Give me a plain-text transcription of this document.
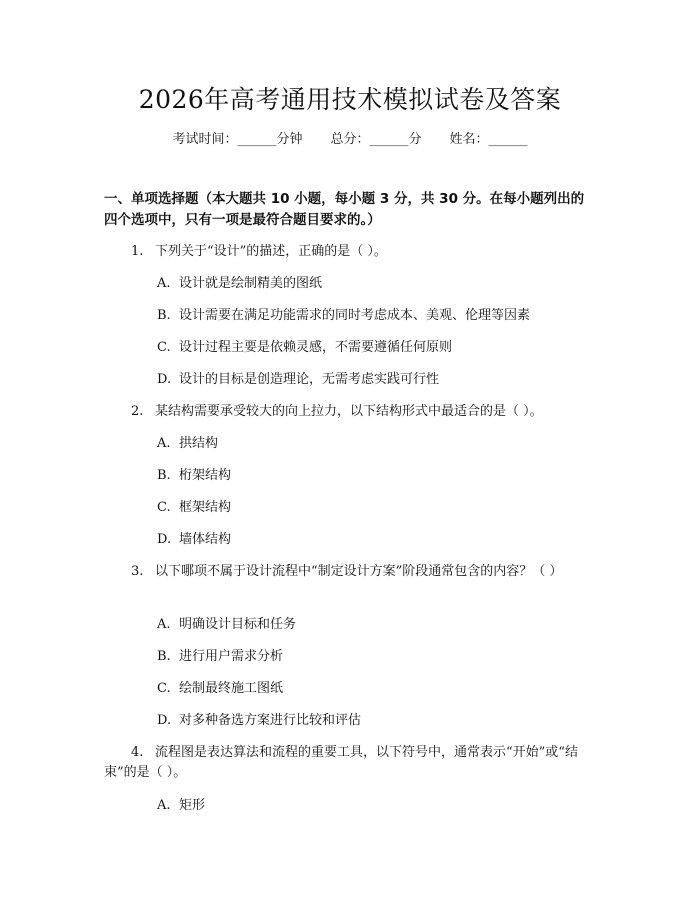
2026年高考通用技术模拟试卷及答案
考试时间：______分钟 总分：______分 姓名：______
一、单项选择题（本大题共 10 小题，每小题 3 分，共 30 分。在每小题列出的四个选项中，只有一项是最符合题目要求的。）
1. 下列关于“设计”的描述，正确的是（ ）。
A. 设计就是绘制精美的图纸
B. 设计需要在满足功能需求的同时考虑成本、美观、伦理等因素
C. 设计过程主要是依赖灵感，不需要遵循任何原则
D. 设计的目标是创造理论，无需考虑实践可行性
2. 某结构需要承受较大的向上拉力，以下结构形式中最适合的是（ ）。
A. 拱结构
B. 桁架结构
C. 框架结构
D. 墙体结构
3. 以下哪项不属于设计流程中“制定设计方案”阶段通常包含的内容？（ ）
A. 明确设计目标和任务
B. 进行用户需求分析
C. 绘制最终施工图纸
D. 对多种备选方案进行比较和评估
4. 流程图是表达算法和流程的重要工具，以下符号中，通常表示“开始”或“结束”的是（ ）。
A. 矩形
